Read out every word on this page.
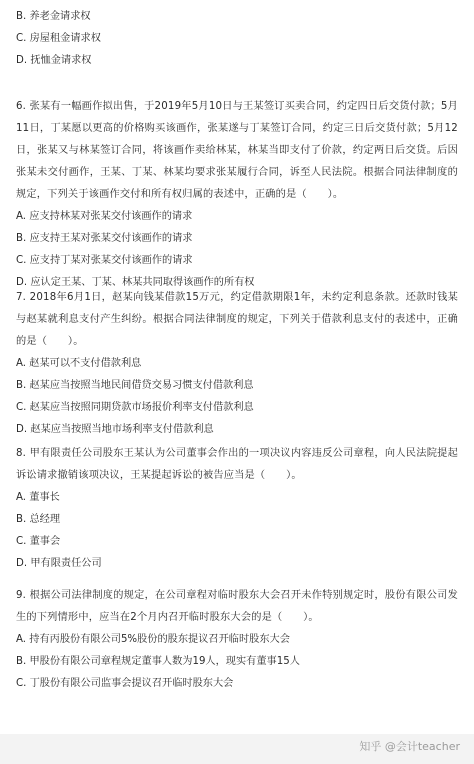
B. 养老金请求权
C. 房屋租金请求权
D. 抚恤金请求权
6. 张某有一幅画作拟出售，于2019年5月10日与王某签订买卖合同，约定四日后交货付款；5月11日，丁某愿以更高的价格购买该画作，张某遂与丁某签订合同，约定三日后交货付款；5月12日，张某又与林某签订合同，将该画作卖给林某，林某当即支付了价款，约定两日后交货。后因张某未交付画作，王某、丁某、林某均要求张某履行合同，诉至人民法院。根据合同法律制度的规定，下列关于该画作交付和所有权归属的表述中，正确的是（　　）。
A. 应支持林某对张某交付该画作的请求
B. 应支持王某对张某交付该画作的请求
C. 应支持丁某对张某交付该画作的请求
D. 应认定王某、丁某、林某共同取得该画作的所有权
7. 2018年6月1日，赵某向钱某借款15万元，约定借款期限1年，未约定利息条款。还款时钱某与赵某就利息支付产生纠纷。根据合同法律制度的规定，下列关于借款利息支付的表述中，正确的是（　　）。
A. 赵某可以不支付借款利息
B. 赵某应当按照当地民间借贷交易习惯支付借款利息
C. 赵某应当按照同期贷款市场报价利率支付借款利息
D. 赵某应当按照当地市场利率支付借款利息
8. 甲有限责任公司股东王某认为公司董事会作出的一项决议内容违反公司章程，向人民法院提起诉讼请求撤销该项决议，王某提起诉讼的被告应当是（　　）。
A. 董事长
B. 总经理
C. 董事会
D. 甲有限责任公司
9. 根据公司法律制度的规定，在公司章程对临时股东大会召开未作特别规定时，股份有限公司发生的下列情形中，应当在2个月内召开临时股东大会的是（　　）。
A. 持有丙股份有限公司5%股份的股东提议召开临时股东大会
B. 甲股份有限公司章程规定董事人数为19人，现实有董事15人
C. 丁股份有限公司监事会提议召开临时股东大会
知乎 @会计teacher
